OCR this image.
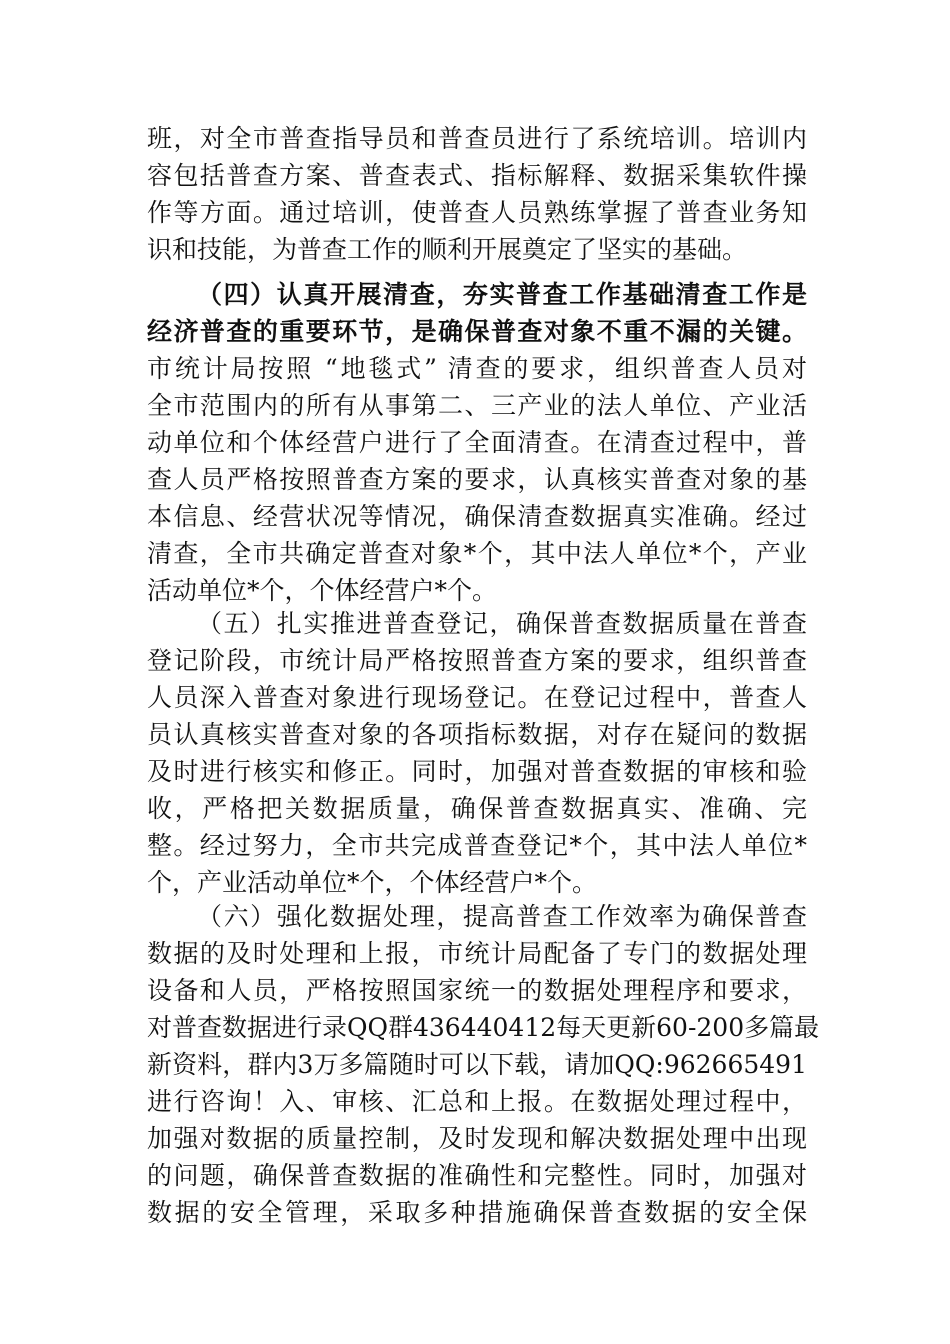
班，对全市普查指导员和普查员进行了系统培训。培训内
容包括普查方案、普查表式、指标解释、数据采集软件操
作等方面。通过培训，使普查人员熟练掌握了普查业务知
识和技能，为普查工作的顺利开展奠定了坚实的基础。
（四）认真开展清查，夯实普查工作基础清查工作是
经济普查的重要环节，是确保普查对象不重不漏的关键。
市统计局按照 “地毯式” 清查的要求，组织普查人员对
全市范围内的所有从事第二、三产业的法人单位、产业活
动单位和个体经营户进行了全面清查。在清查过程中，普
查人员严格按照普查方案的要求，认真核实普查对象的基
本信息、经营状况等情况，确保清查数据真实准确。经过
清查，全市共确定普查对象*个，其中法人单位*个，产业
活动单位*个，个体经营户*个。
（五）扎实推进普查登记，确保普查数据质量在普查
登记阶段，市统计局严格按照普查方案的要求，组织普查
人员深入普查对象进行现场登记。在登记过程中，普查人
员认真核实普查对象的各项指标数据，对存在疑问的数据
及时进行核实和修正。同时，加强对普查数据的审核和验
收，严格把关数据质量，确保普查数据真实、准确、完
整。经过努力，全市共完成普查登记*个，其中法人单位*
个，产业活动单位*个，个体经营户*个。
（六）强化数据处理，提高普查工作效率为确保普查
数据的及时处理和上报，市统计局配备了专门的数据处理
设备和人员，严格按照国家统一的数据处理程序和要求，
对普查数据进行录QQ群436440412每天更新60-200多篇最
新资料，群内3万多篇随时可以下载，请加QQ:962665491
进行咨询！入、审核、汇总和上报。在数据处理过程中，
加强对数据的质量控制，及时发现和解决数据处理中出现
的问题，确保普查数据的准确性和完整性。同时，加强对
数据的安全管理，采取多种措施确保普查数据的安全保
